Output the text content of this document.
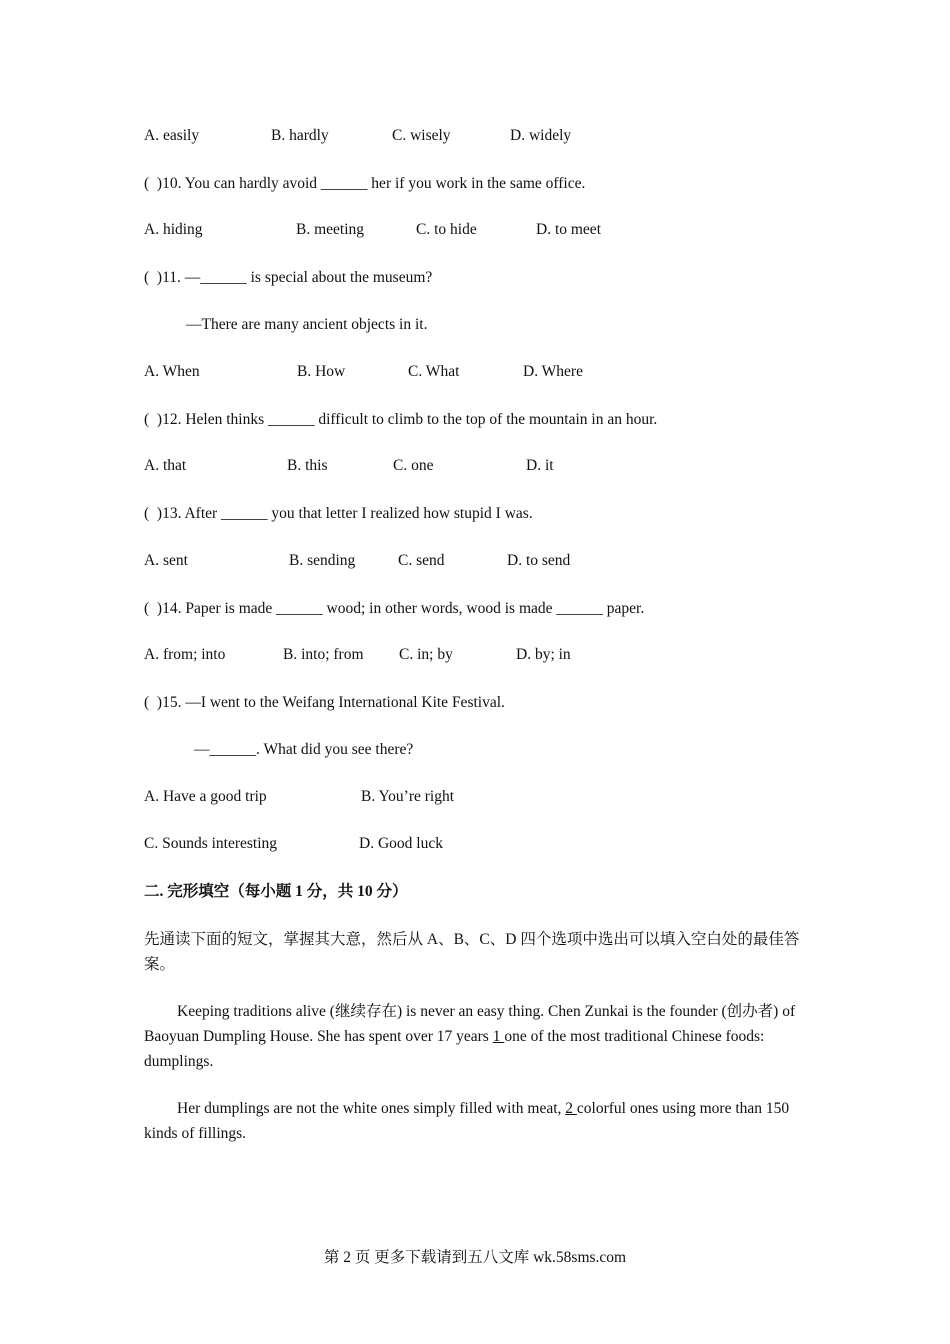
A. easily	B. hardly	C. wisely	D. widely
(  )10. You can hardly avoid ______ her if you work in the same office.
A. hiding	B. meeting	C. to hide	D. to meet
(  )11. —______ is special about the museum?
—There are many ancient objects in it.
A. When	B. How	C. What	D. Where
(  )12. Helen thinks ______ difficult to climb to the top of the mountain in an hour.
A. that	B. this	C. one	D. it
(  )13. After ______ you that letter I realized how stupid I was.
A. sent	B. sending	C. send	D. to send
(  )14. Paper is made ______ wood; in other words, wood is made ______ paper.
A. from; into	B. into; from C. in; by	D. by; in
(  )15. —I went to the Weifang International Kite Festival.
—______. What did you see there?
A. Have a good trip	B. You’re right
C. Sounds interesting	D. Good luck
二. 完形填空（每小题 1 分，共 10 分）
先通读下面的短文，掌握其大意，然后从 A、B、C、D 四个选项中选出可以填入空白处的最佳答案。
Keeping traditions alive (继续存在) is never an easy thing. Chen Zunkai is the founder (创办者) of Baoyuan Dumpling House. She has spent over 17 years 1 one of the most traditional Chinese foods: dumplings.
Her dumplings are not the white ones simply filled with meat, 2 colorful ones using more than 150 kinds of fillings.
第 2 页 更多下载请到五八文库 wk.58sms.com
